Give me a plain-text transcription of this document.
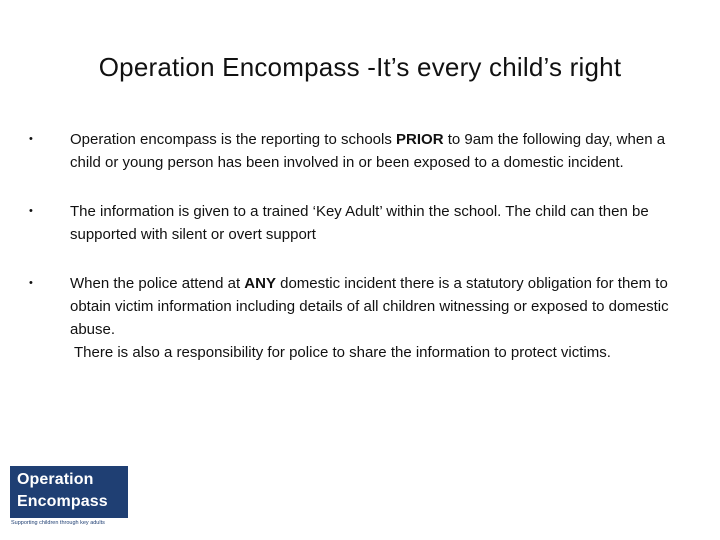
Operation Encompass -It’s every child’s right
• Operation encompass is the reporting to schools PRIOR to 9am the following day, when a child or young person has been involved in or been exposed to a domestic incident.
• The information is given to a trained ‘Key Adult’ within the school. The child can then be supported with silent or overt support
• When the police attend at ANY domestic incident there is a statutory obligation for them to obtain victim information including details of all children witnessing or exposed to domestic abuse.
There is also a responsibility for police to share the information to protect victims.
Operation
Encompass
Supporting children through key adults
